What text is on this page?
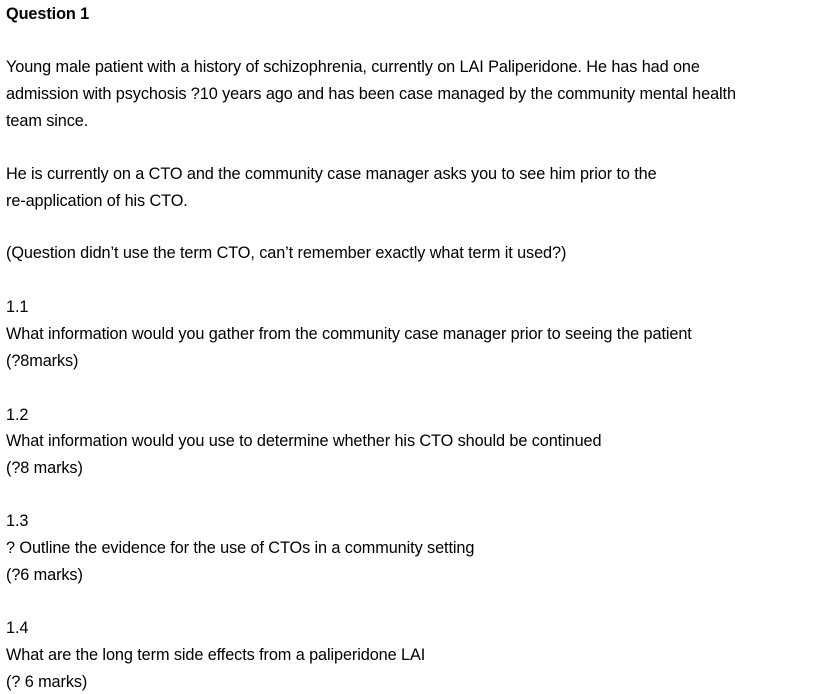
Question 1
Young male patient with a history of schizophrenia, currently on LAI Paliperidone. He has had one
admission with psychosis ?10 years ago and has been case managed by the community mental health
team since.
He is currently on a CTO and the community case manager asks you to see him prior to the
re-application of his CTO.
(Question didn’t use the term CTO, can’t remember exactly what term it used?)
1.1
What information would you gather from the community case manager prior to seeing the patient
(?8marks)
1.2
What information would you use to determine whether his CTO should be continued
(?8 marks)
1.3
? Outline the evidence for the use of CTOs in a community setting
(?6 marks)
1.4
What are the long term side effects from a paliperidone LAI
(? 6 marks)
